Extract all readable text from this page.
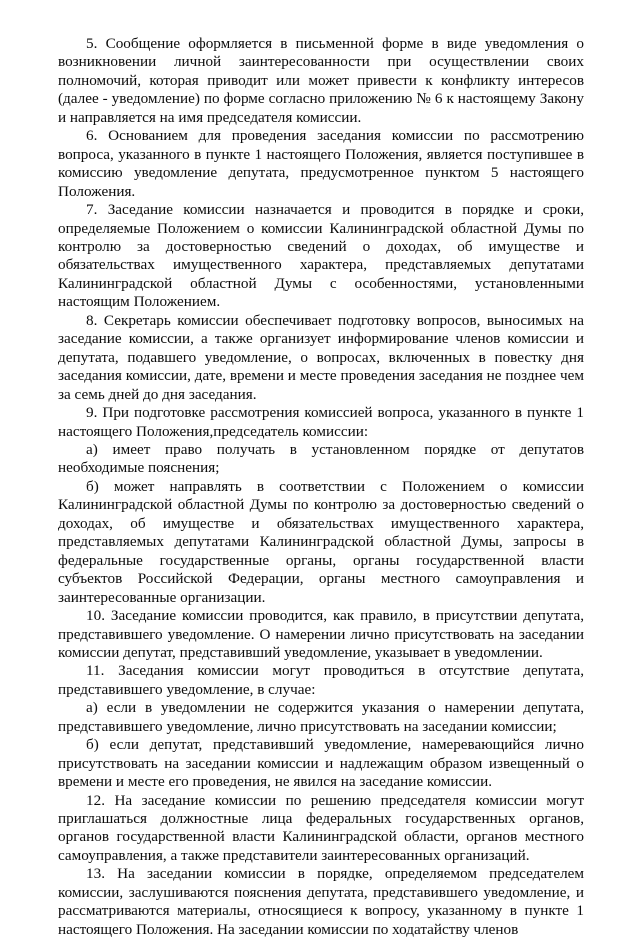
5. Сообщение оформляется в письменной форме в виде уведомления о возникновении личной заинтересованности при осуществлении своих полномочий, которая приводит или может привести к конфликту интересов (далее - уведомление) по форме согласно приложению № 6 к настоящему Закону и направляется на имя председателя комиссии.

6. Основанием для проведения заседания комиссии по рассмотрению вопроса, указанного в пункте 1 настоящего Положения, является поступившее в комиссию уведомление депутата, предусмотренное пунктом 5 настоящего Положения.

7. Заседание комиссии назначается и проводится в порядке и сроки, определяемые Положением о комиссии Калининградской областной Думы по контролю за достоверностью сведений о доходах, об имуществе и обязательствах имущественного характера, представляемых депутатами Калининградской областной Думы с особенностями, установленными настоящим Положением.

8. Секретарь комиссии обеспечивает подготовку вопросов, выносимых на заседание комиссии, а также организует информирование членов комиссии и депутата, подавшего уведомление, о вопросах, включенных в повестку дня заседания комиссии, дате, времени и месте проведения заседания не позднее чем за семь дней до дня заседания.

9. При подготовке рассмотрения комиссией вопроса, указанного в пункте 1 настоящего Положения,председатель комиссии:

а) имеет право получать в установленном порядке от депутатов необходимые пояснения;

б) может направлять в соответствии с Положением о комиссии Калининградской областной Думы по контролю за достоверностью сведений о доходах, об имуществе и обязательствах имущественного характера, представляемых депутатами Калининградской областной Думы, запросы в федеральные государственные органы, органы государственной власти субъектов Российской Федерации, органы местного самоуправления и заинтересованные организации.

10. Заседание комиссии проводится, как правило, в присутствии депутата, представившего уведомление. О намерении лично присутствовать на заседании комиссии депутат, представивший уведомление, указывает в уведомлении.

11. Заседания комиссии могут проводиться в отсутствие депутата, представившего уведомление, в случае:

а) если в уведомлении не содержится указания о намерении депутата, представившего уведомление, лично присутствовать на заседании комиссии;

б) если депутат, представивший уведомление, намеревающийся лично присутствовать на заседании комиссии и надлежащим образом извещенный о времени и месте его проведения, не явился на заседание комиссии.

12. На заседание комиссии по решению председателя комиссии могут приглашаться должностные лица федеральных государственных органов, органов государственной власти Калининградской области, органов местного самоуправления, а также представители заинтересованных организаций.

13. На заседании комиссии в порядке, определяемом председателем комиссии, заслушиваются пояснения депутата, представившего уведомление, и рассматриваются материалы, относящиеся к вопросу, указанному в пункте 1 настоящего Положения. На заседании комиссии по ходатайству членов
